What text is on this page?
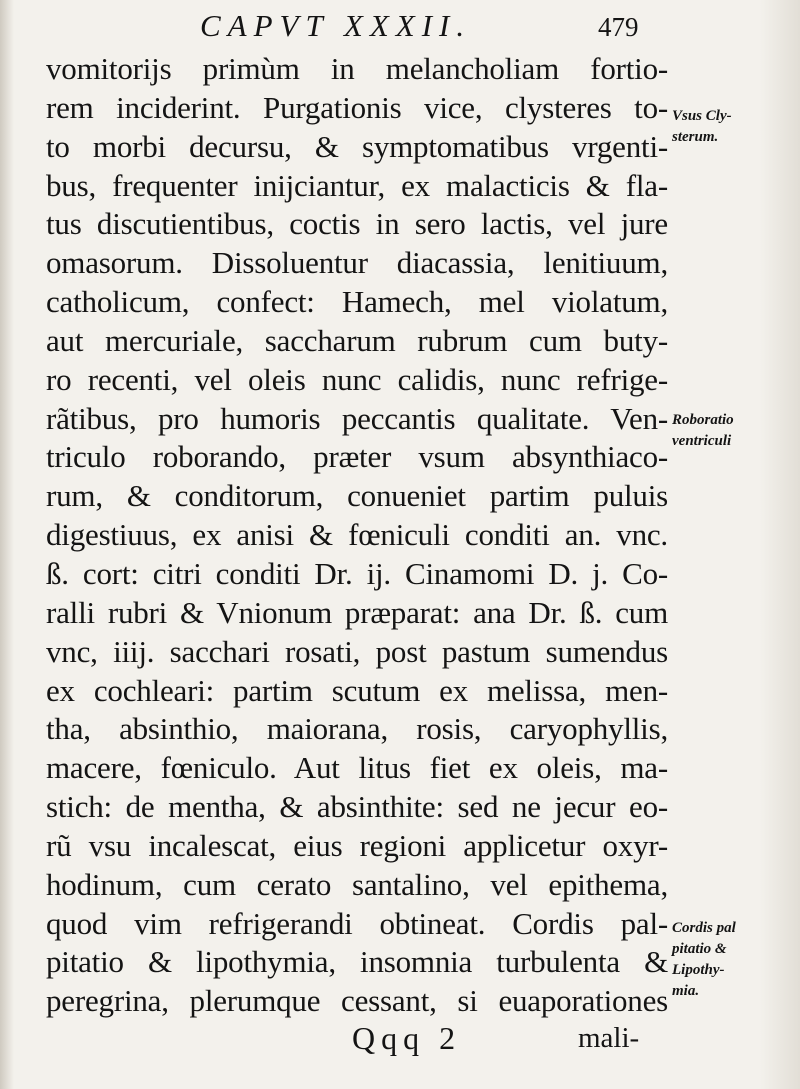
CAPVT XXXII.	479
vomitorijs primùm in melancholiam fortio-
rem inciderint. Purgationis vice, clysteres to-
to morbi decursu, & symptomatibus vrgenti-
bus, frequenter inijciantur, ex malacticis & fla-
tus discutientibus, coctis in sero lactis, vel jure
omasorum. Dissoluentur diacassia, lenitiuum,
catholicum, confect: Hamech, mel violatum,
aut mercuriale, saccharum rubrum cum buty-
ro recenti, vel oleis nunc calidis, nunc refrige-
rãtibus, pro humoris peccantis qualitate. Ven-
triculo roborando, præter vsum absynthiaco-
rum, & conditorum, conueniet partim puluis
digestiuus, ex anisi & fœniculi conditi an. vnc.
ß. cort: citri conditi Dr. ij. Cinamomi D. j. Co-
ralli rubri & Vnionum præparat: ana Dr. ß. cum
vnc, iiij. sacchari rosati, post pastum sumendus
ex cochleari: partim scutum ex melissa, men-
tha, absinthio, maiorana, rosis, caryophyllis,
macere, fœniculo. Aut litus fiet ex oleis, ma-
stich: de mentha, & absinthite: sed ne jecur eo-
rũ vsu incalescat, eius regioni applicetur oxyr-
hodinum, cum cerato santalino, vel epithema,
quod vim refrigerandi obtineat. Cordis pal-
pitatio & lipothymia, insomnia turbulenta &
peregrina, plerumque cessant, si euaporationes
Vsus Cly-
sterum.
Roboratio
ventriculi
Cordis pal
pitatio &
Lipothy-
mia.
Qqq 2	mali-
